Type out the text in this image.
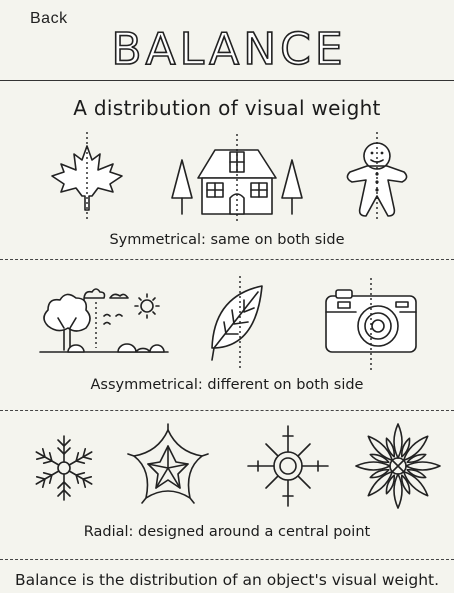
Back
BALANCE
A distribution of visual weight
Symmetrical: same on both side
Assymmetrical: different on both side
Radial: designed around a central point
Balance is the distribution of an object's visual weight.
